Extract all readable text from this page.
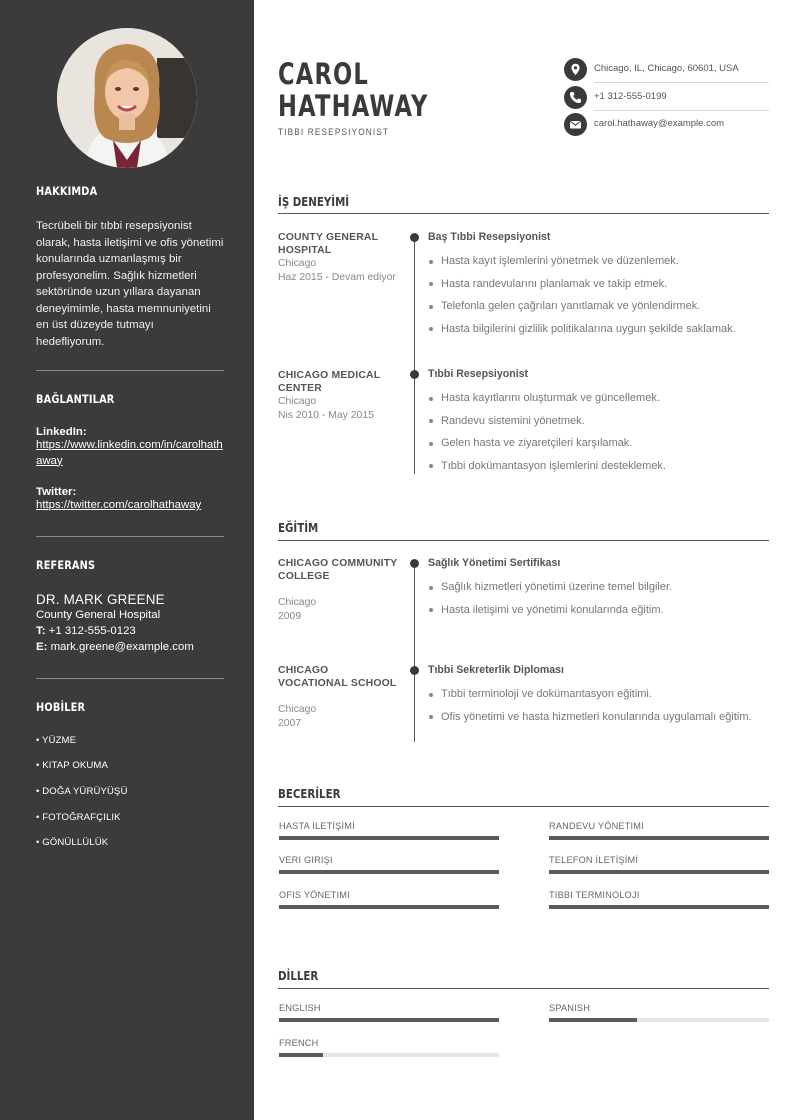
HAKKIMDA
Tecrübeli bir tıbbi resepsiyonist olarak, hasta iletişimi ve ofis yönetimi konularında uzmanlaşmış bir profesyonelim. Sağlık hizmetleri sektöründe uzun yıllara dayanan deneyimimle, hasta memnuniyetini en üst düzeyde tutmayı hedefliyorum.
BAĞLANTILAR
LinkedIn:
https://www.linkedin.com/in/carolhathaway
Twitter:
https://twitter.com/carolhathaway
REFERANS
DR. MARK GREENE
County General Hospital
T: +1 312-555-0123
E: mark.greene@example.com
HOBİLER
• YÜZME
• KITAP OKUMA
• DOĞA YÜRÜYÜŞÜ
• FOTOĞRAFÇILIK
• GÖNÜLLÜLÜK
CAROL
HATHAWAY
TIBBI RESEPSIYONIST
Chicago, IL, Chicago, 60601, USA
+1 312-555-0199
carol.hathaway@example.com
İŞ DENEYİMİ
COUNTY GENERAL HOSPITAL
Chicago
Haz 2015 - Devam ediyor
Baş Tıbbi Resepsiyonist
Hasta kayıt işlemlerini yönetmek ve düzenlemek.
Hasta randevularını planlamak ve takip etmek.
Telefonla gelen çağrıları yanıtlamak ve yönlendirmek.
Hasta bilgilerini gizlilik politikalarına uygun şekilde saklamak.
CHICAGO MEDICAL CENTER
Chicago
Nis 2010 - May 2015
Tıbbi Resepsiyonist
Hasta kayıtlarını oluşturmak ve güncellemek.
Randevu sistemini yönetmek.
Gelen hasta ve ziyaretçileri karşılamak.
Tıbbi dokümantasyon işlemlerini desteklemek.
EĞİTİM
CHICAGO COMMUNITY COLLEGE
Chicago
2009
Sağlık Yönetimi Sertifikası
Sağlık hizmetleri yönetimi üzerine temel bilgiler.
Hasta iletişimi ve yönetimi konularında eğitim.
CHICAGO VOCATIONAL SCHOOL
Chicago
2007
Tıbbi Sekreterlik Diploması
Tıbbi terminoloji ve dokümantasyon eğitimi.
Ofis yönetimi ve hasta hizmetleri konularında uygulamalı eğitim.
BECERİLER
HASTA İLETİŞİMİ	RANDEVU YÖNETIMI
VERI GIRIŞI	TELEFON İLETİŞİMİ
OFIS YÖNETIMI	TIBBI TERMINOLOJI
DİLLER
ENGLISH	SPANISH
FRENCH
